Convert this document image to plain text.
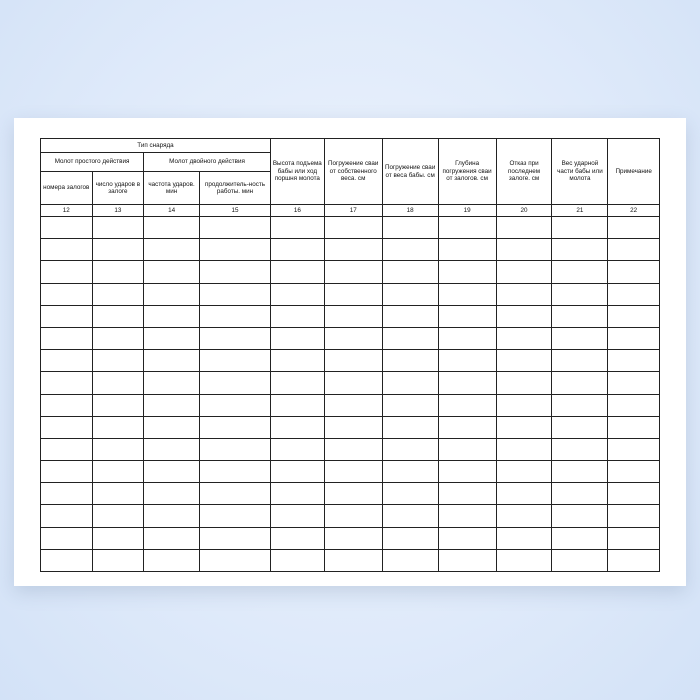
Тип снаряда				Высота подъема бабы или ход поршня молота	Погружение сваи от собственного веса. см	Погружение сваи от веса бабы. см	Глубина погружения сваи от залогов. см	Отказ при последнем залоге. см	Вес ударной части бабы или молота	Примечание
Молот простого действия		Молот двойного действия								
номера залогов	число ударов в залоге	частота ударов. мин	продолжитель-ность работы. мин							
12	13	14	15	16	17	18	19	20	21	22
